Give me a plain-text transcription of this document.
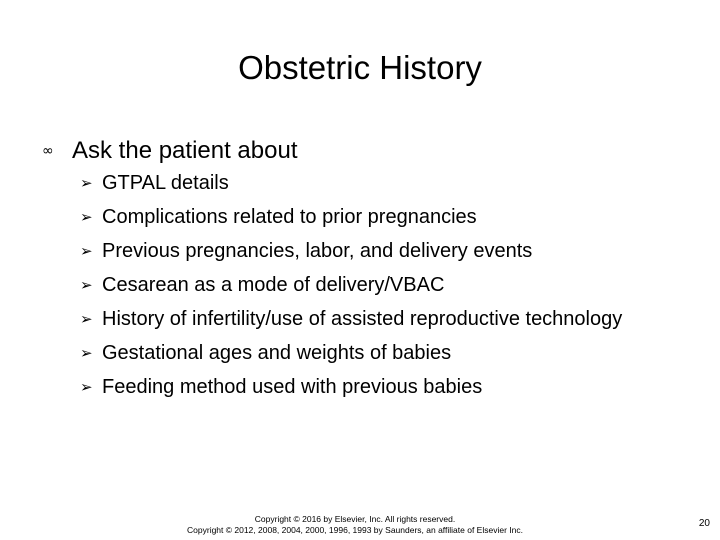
Obstetric History
∞ Ask the patient about
➢ GTPAL details
➢ Complications related to prior pregnancies
➢ Previous pregnancies, labor, and delivery events
➢ Cesarean as a mode of delivery/VBAC
➢ History of infertility/use of assisted reproductive technology
➢ Gestational ages and weights of babies
➢ Feeding method used with previous babies
Copyright © 2016 by Elsevier, Inc. All rights reserved.
Copyright © 2012, 2008, 2004, 2000, 1996, 1993 by Saunders, an affiliate of Elsevier Inc.
20
